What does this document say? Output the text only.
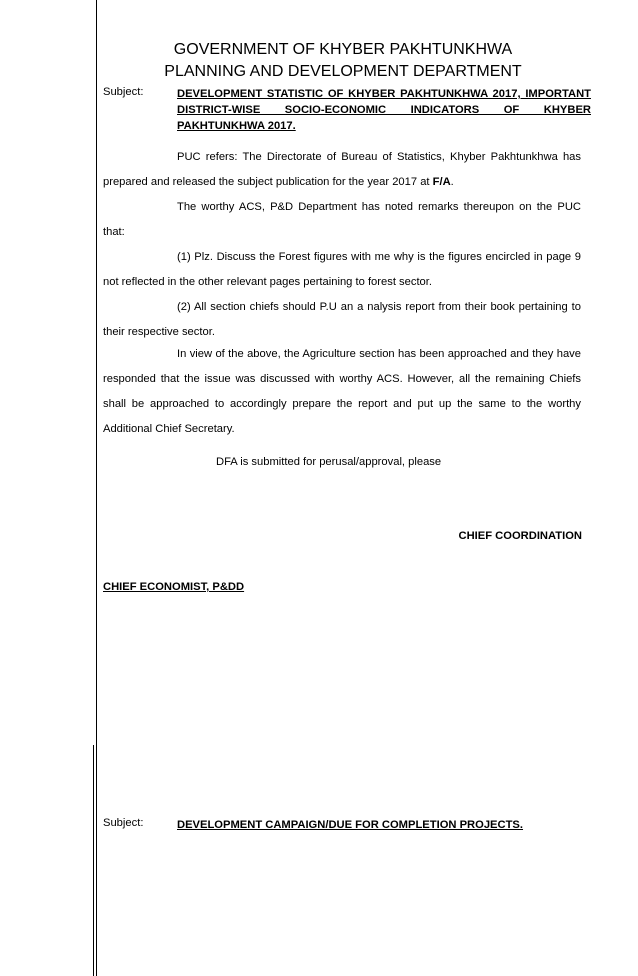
GOVERNMENT OF KHYBER PAKHTUNKHWA
PLANNING AND DEVELOPMENT DEPARTMENT
Subject:	DEVELOPMENT STATISTIC OF KHYBER PAKHTUNKHWA 2017, IMPORTANT DISTRICT-WISE SOCIO-ECONOMIC INDICATORS OF KHYBER PAKHTUNKHWA 2017.

PUC refers: The Directorate of Bureau of Statistics, Khyber Pakhtunkhwa has prepared and released the subject publication for the year 2017 at F/A.

The worthy ACS, P&D Department has noted remarks thereupon on the PUC that:

(1) Plz. Discuss the Forest figures with me why is the figures encircled in page 9 not reflected in the other relevant pages pertaining to forest sector.

(2) All section chiefs should P.U an a nalysis report from their book pertaining to their respective sector.

In view of the above, the Agriculture section has been approached and they have responded that the issue was discussed with worthy ACS. However, all the remaining Chiefs shall be approached to accordingly prepare the report and put up the same to the worthy Additional Chief Secretary.

DFA is submitted for perusal/approval, please
CHIEF COORDINATION
CHIEF ECONOMIST, P&DD
Subject:	DEVELOPMENT CAMPAIGN/DUE FOR COMPLETION PROJECTS.
